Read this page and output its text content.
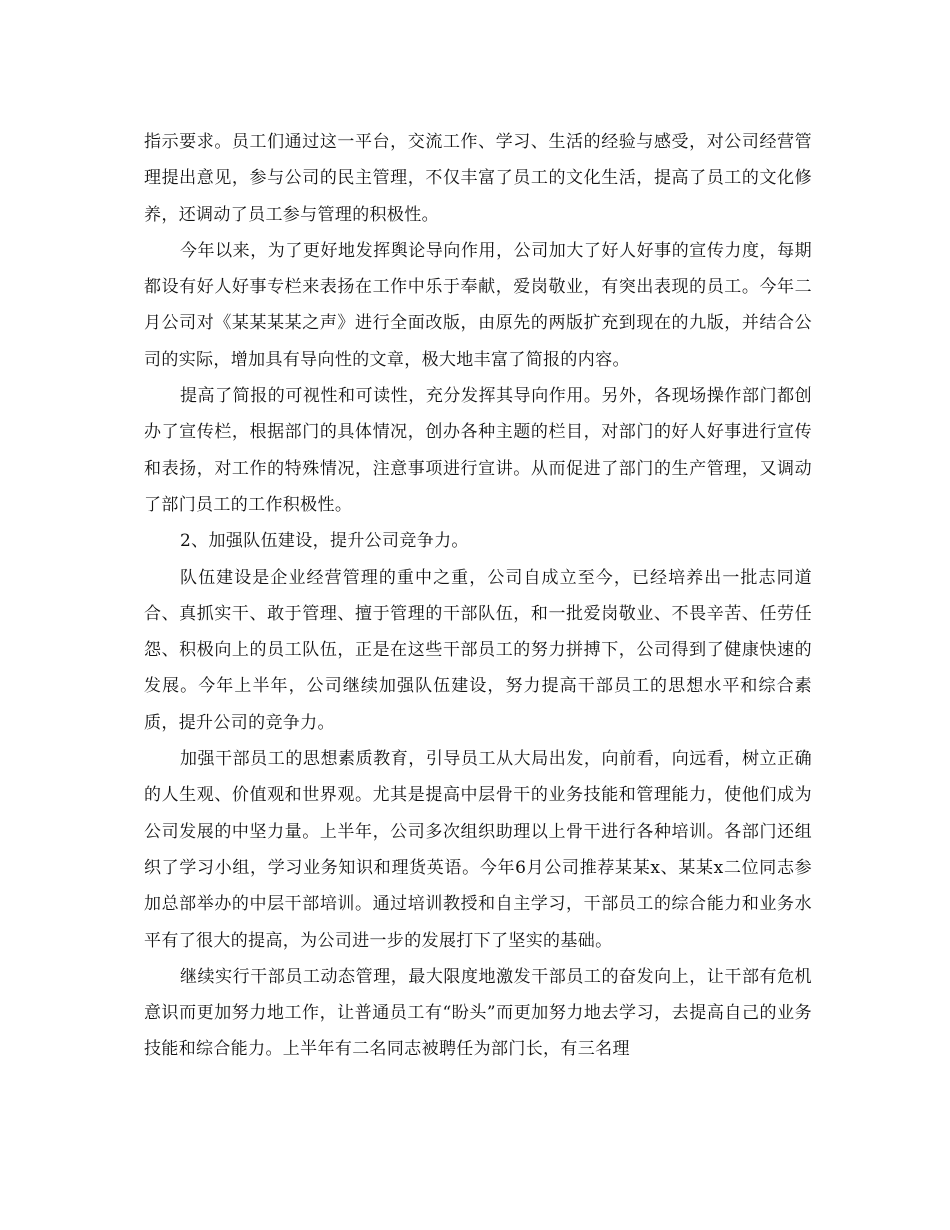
指示要求。员工们通过这一平台，交流工作、学习、生活的经验与感受，对公司经营管理提出意见，参与公司的民主管理，不仅丰富了员工的文化生活，提高了员工的文化修养，还调动了员工参与管理的积极性。

今年以来，为了更好地发挥舆论导向作用，公司加大了好人好事的宣传力度，每期都设有好人好事专栏来表扬在工作中乐于奉献，爱岗敬业，有突出表现的员工。今年二月公司对《某某某某之声》进行全面改版，由原先的两版扩充到现在的九版，并结合公司的实际，增加具有导向性的文章，极大地丰富了简报的内容。

提高了简报的可视性和可读性，充分发挥其导向作用。另外，各现场操作部门都创办了宣传栏，根据部门的具体情况，创办各种主题的栏目，对部门的好人好事进行宣传和表扬，对工作的特殊情况，注意事项进行宣讲。从而促进了部门的生产管理，又调动了部门员工的工作积极性。

2、加强队伍建设，提升公司竞争力。

队伍建设是企业经营管理的重中之重，公司自成立至今，已经培养出一批志同道合、真抓实干、敢于管理、擅于管理的干部队伍，和一批爱岗敬业、不畏辛苦、任劳任怨、积极向上的员工队伍，正是在这些干部员工的努力拼搏下，公司得到了健康快速的发展。今年上半年，公司继续加强队伍建设，努力提高干部员工的思想水平和综合素质，提升公司的竞争力。

加强干部员工的思想素质教育，引导员工从大局出发，向前看，向远看，树立正确的人生观、价值观和世界观。尤其是提高中层骨干的业务技能和管理能力，使他们成为公司发展的中坚力量。上半年，公司多次组织助理以上骨干进行各种培训。各部门还组织了学习小组，学习业务知识和理货英语。今年6月公司推荐某某x、某某x二位同志参加总部举办的中层干部培训。通过培训教授和自主学习，干部员工的综合能力和业务水平有了很大的提高，为公司进一步的发展打下了坚实的基础。

继续实行干部员工动态管理，最大限度地激发干部员工的奋发向上，让干部有危机意识而更加努力地工作，让普通员工有“盼头”而更加努力地去学习，去提高自己的业务技能和综合能力。上半年有二名同志被聘任为部门长，有三名理
